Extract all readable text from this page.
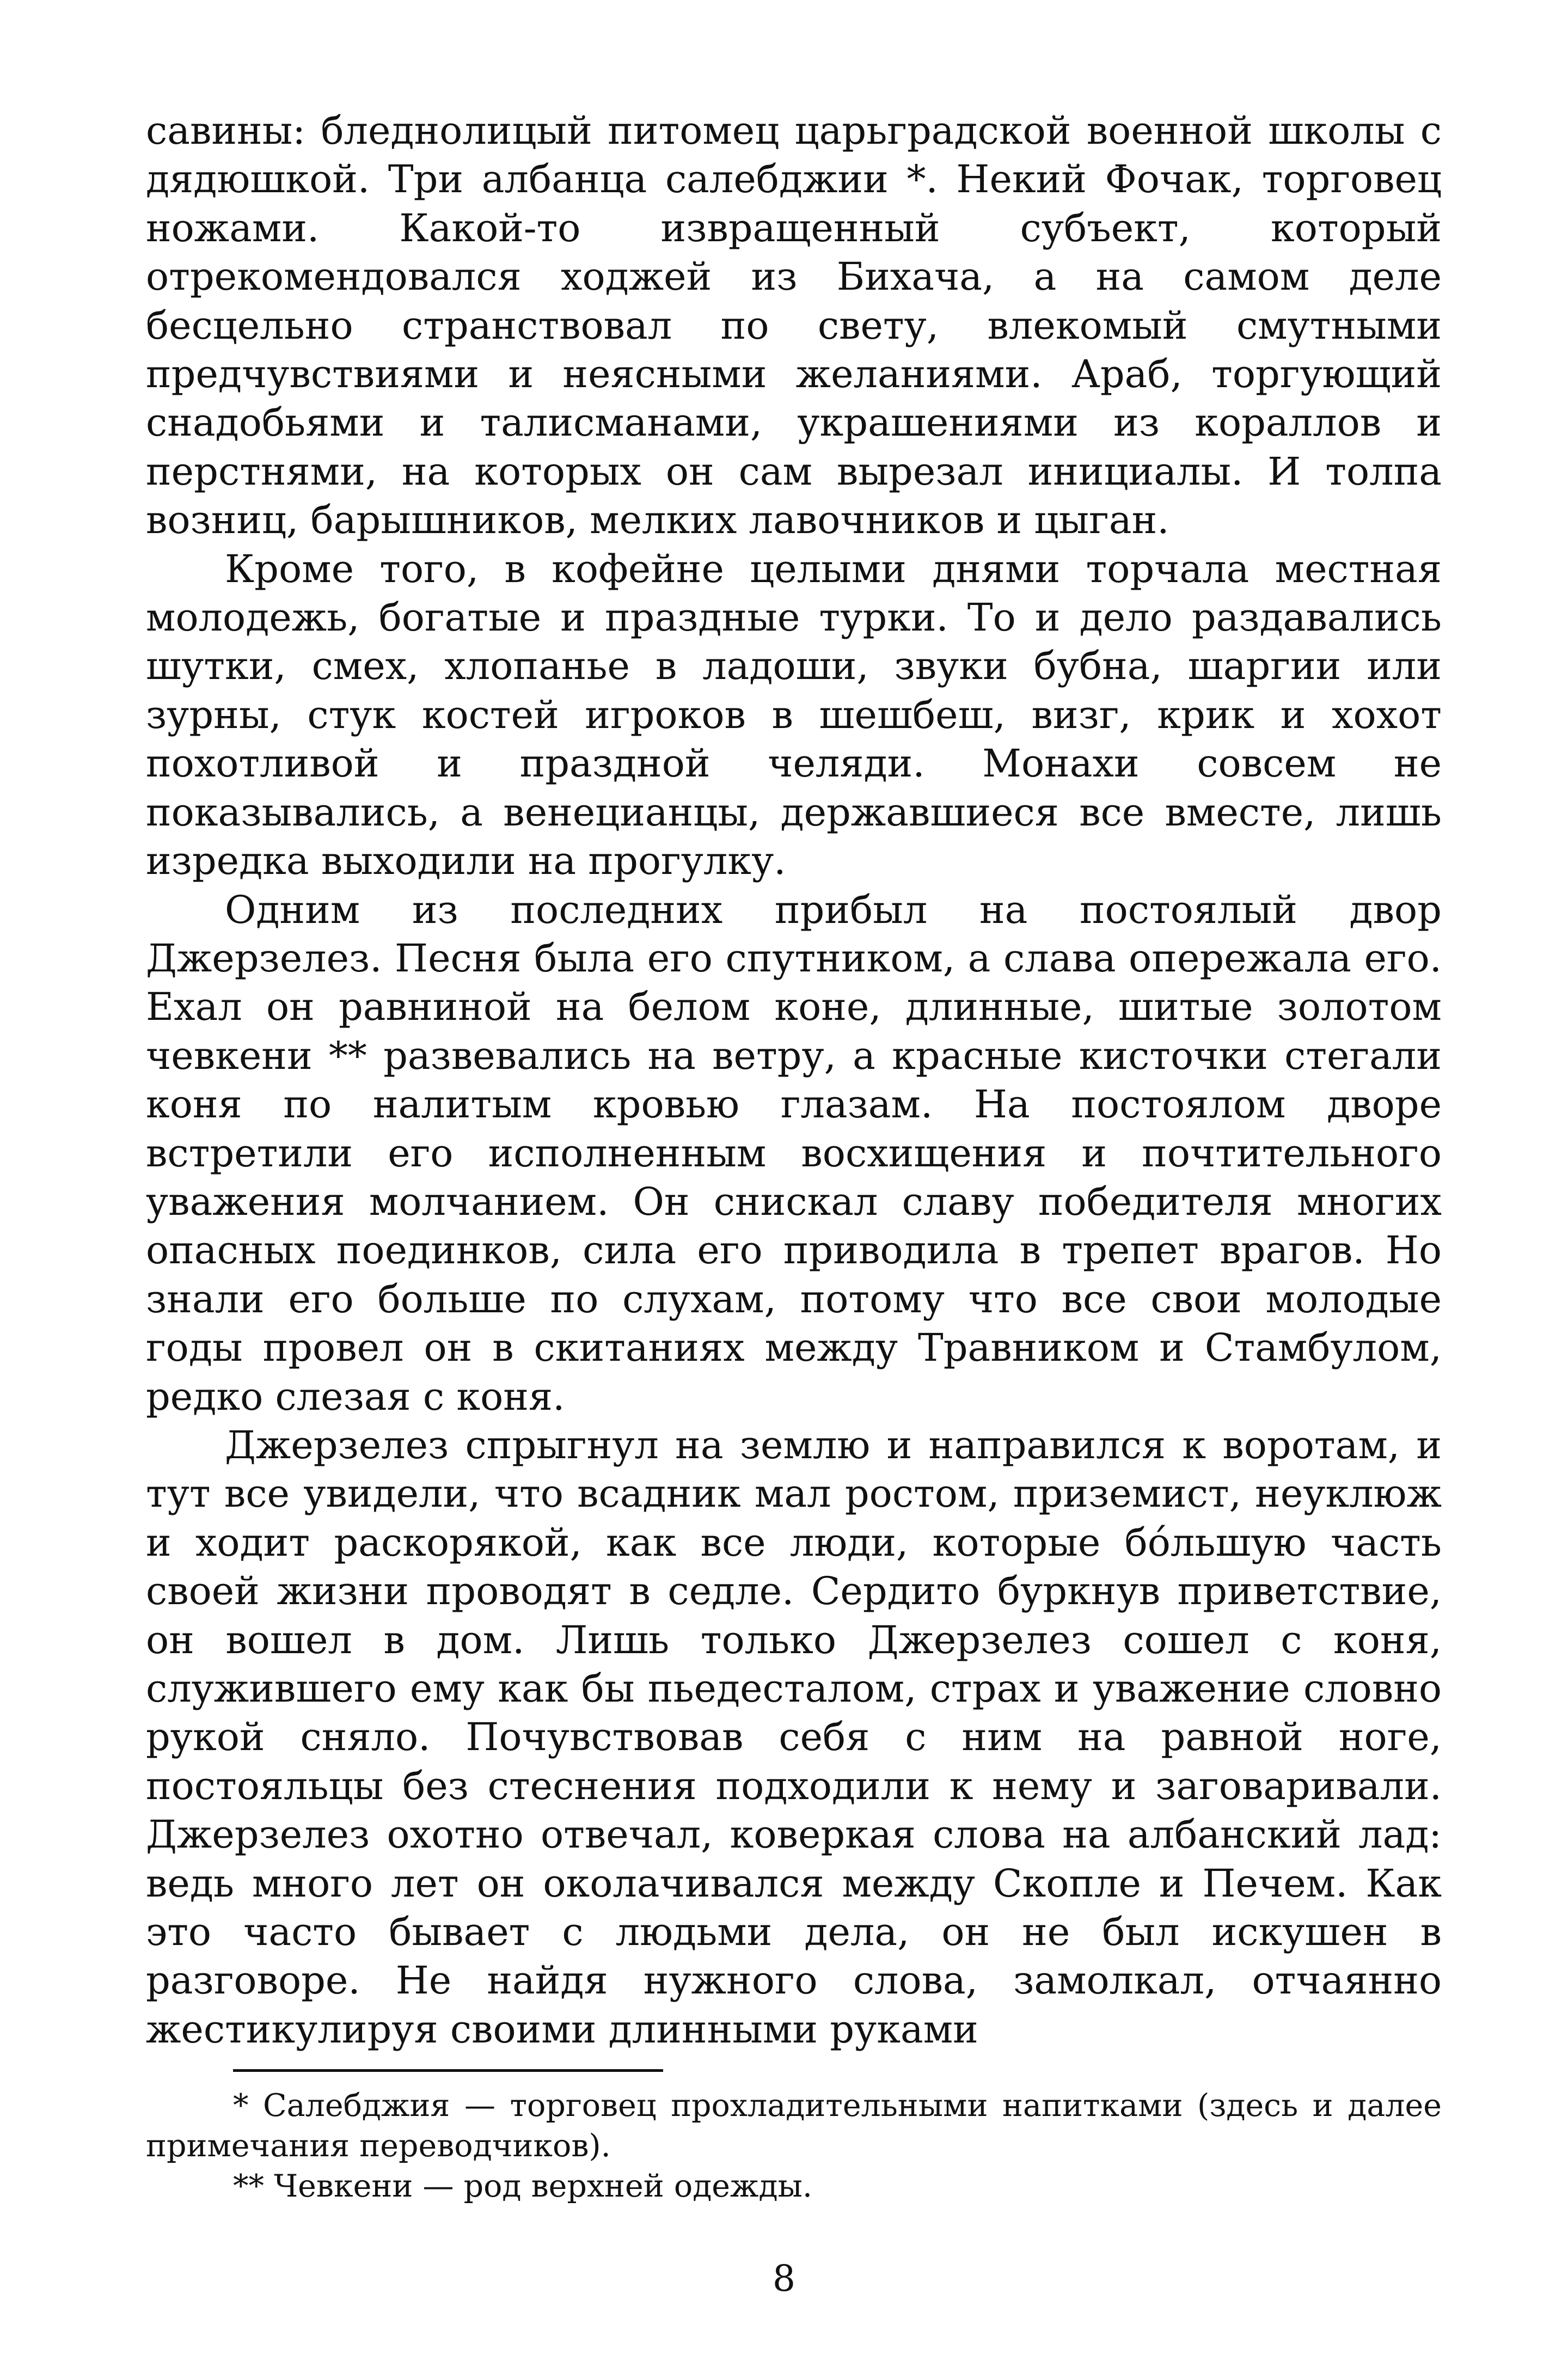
савины: бледнолицый питомец царьградской военной школы с дядюшкой. Три албанца салебджии *. Некий Фочак, торговец ножами. Какой-то извращенный субъект, который отрекомендовался ходжей из Бихача, а на самом деле бесцельно странствовал по свету, влекомый смутными предчувствиями и неясными желаниями. Араб, торгующий снадобьями и талисманами, украшениями из кораллов и перстнями, на которых он сам вырезал инициалы. И толпа возниц, барышников, мелких лавочников и цыган.

Кроме того, в кофейне целыми днями торчала местная молодежь, богатые и праздные турки. То и дело раздавались шутки, смех, хлопанье в ладоши, звуки бубна, шаргии или зурны, стук костей игроков в шешбеш, визг, крик и хохот похотливой и праздной челяди. Монахи совсем не показывались, а венецианцы, державшиеся все вместе, лишь изредка выходили на прогулку.

Одним из последних прибыл на постоялый двор Джерзелез. Песня была его спутником, а слава опережала его. Ехал он равниной на белом коне, длинные, шитые золотом чевкени ** развевались на ветру, а красные кисточки стегали коня по налитым кровью глазам. На постоялом дворе встретили его исполненным восхищения и почтительного уважения молчанием. Он снискал славу победителя многих опасных поединков, сила его приводила в трепет врагов. Но знали его больше по слухам, потому что все свои молодые годы провел он в скитаниях между Травником и Стамбулом, редко слезая с коня.

Джерзелез спрыгнул на землю и направился к воротам, и тут все увидели, что всадник мал ростом, приземист, неуклюж и ходит раскорякой, как все люди, которые бо́льшую часть своей жизни проводят в седле. Сердито буркнув приветствие, он вошел в дом. Лишь только Джерзелез сошел с коня, служившего ему как бы пьедесталом, страх и уважение словно рукой сняло. Почувствовав себя с ним на равной ноге, постояльцы без стеснения подходили к нему и заговаривали. Джерзелез охотно отвечал, коверкая слова на албанский лад: ведь много лет он околачивался между Скопле и Печем. Как это часто бывает с людьми дела, он не был искушен в разговоре. Не найдя нужного слова, замолкал, отчаянно жестикулируя своими длинными руками

* Салебджия — торговец прохладительными напитками (здесь и далее примечания переводчиков).

** Чевкени — род верхней одежды.

8
